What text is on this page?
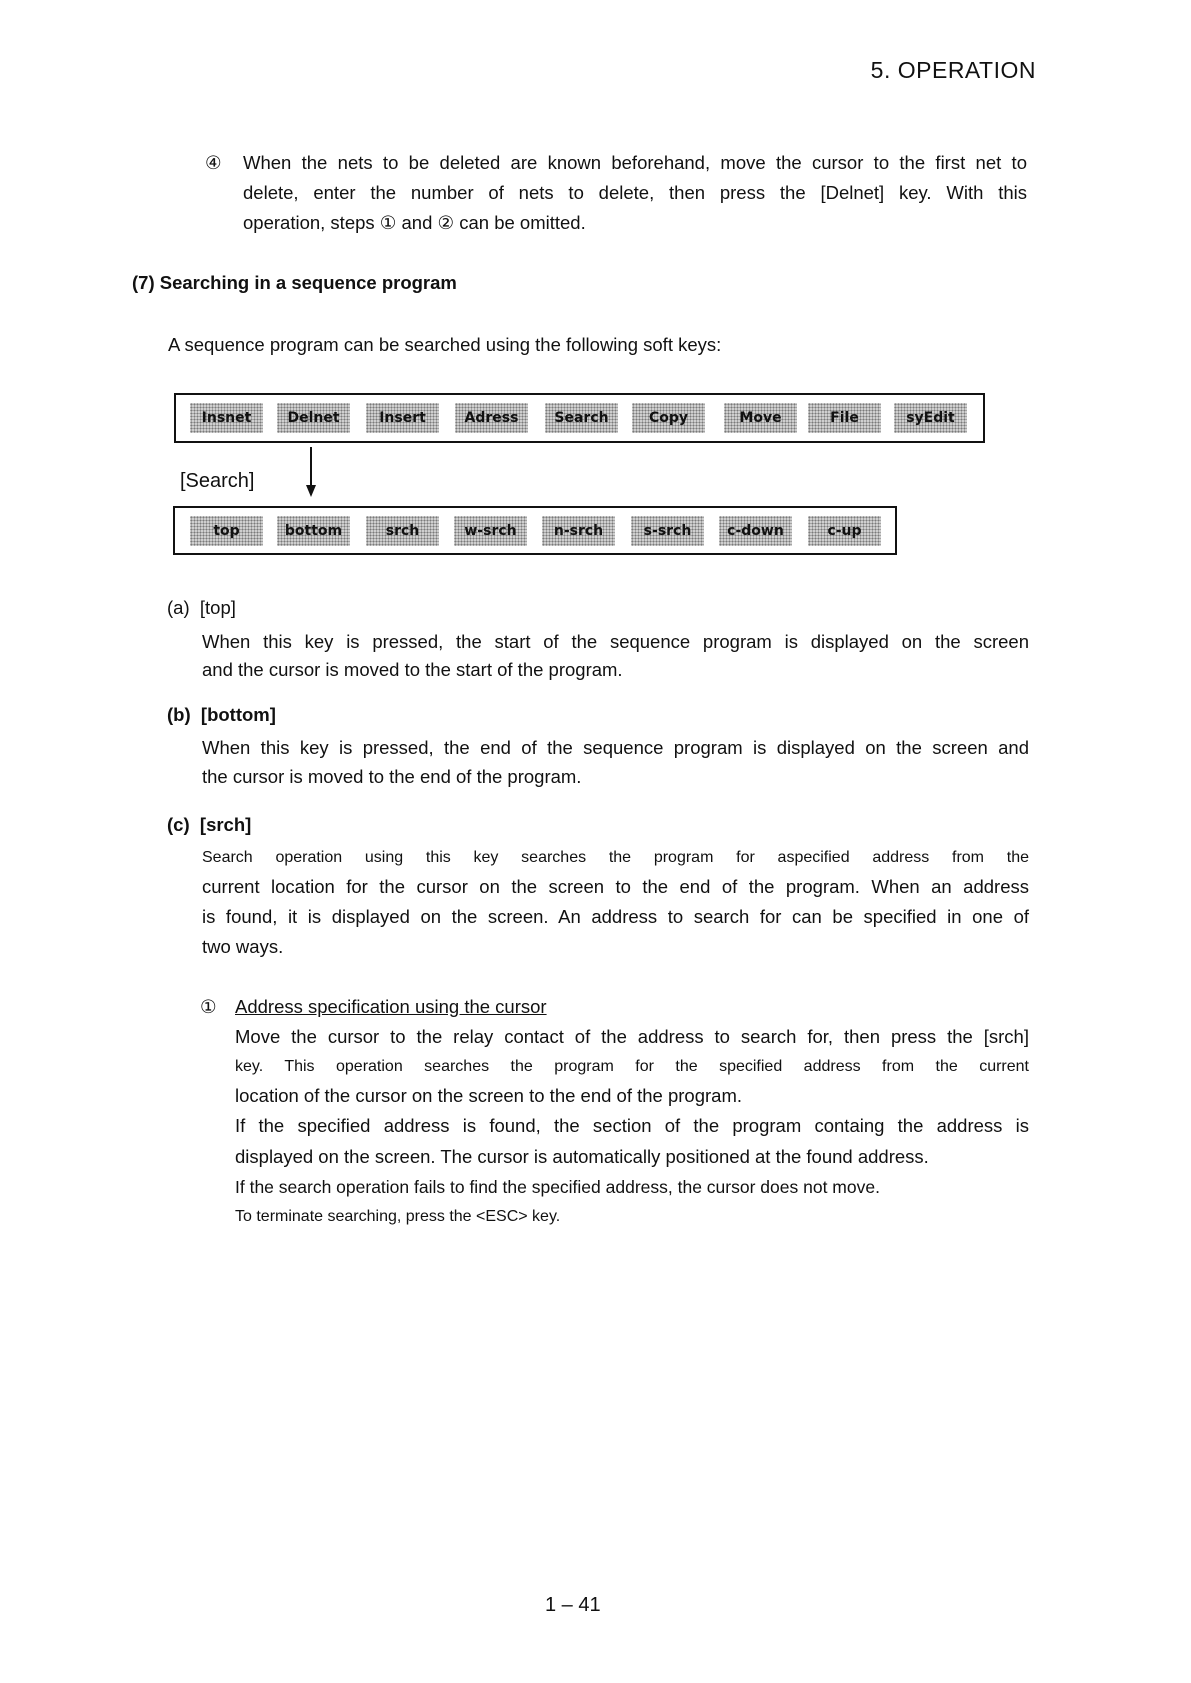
5. OPERATION
④ When the nets to be deleted are known beforehand, move the cursor to the first net to
delete, enter the number of nets to delete, then press the [Delnet] key. With this
operation, steps ① and ② can be omitted.
(7) Searching in a sequence program
A sequence program can be searched using the following soft keys:
Insnet	Delnet	Insert	Adress	Search	Copy	Move	File	syEdit
[Search]
top	bottom	srch	w-srch	n-srch	s-srch	c-down	c-up
(a) [top]
When this key is pressed, the start of the sequence program is displayed on the screen
and the cursor is moved to the start of the program.
(b) [bottom]
When this key is pressed, the end of the sequence program is displayed on the screen and
the cursor is moved to the end of the program.
(c) [srch]
Search operation using this key searches the program for aspecified address from the
current location for the cursor on the screen to the end of the program. When an address
is found, it is displayed on the screen. An address to search for can be specified in one of
two ways.
① Address specification using the cursor
Move the cursor to the relay contact of the address to search for, then press the [srch]
key. This operation searches the program for the specified address from the current
location of the cursor on the screen to the end of the program.
If the specified address is found, the section of the program containg the address is
displayed on the screen. The cursor is automatically positioned at the found address.
If the search operation fails to find the specified address, the cursor does not move.
To terminate searching, press the <ESC> key.
1 – 41
